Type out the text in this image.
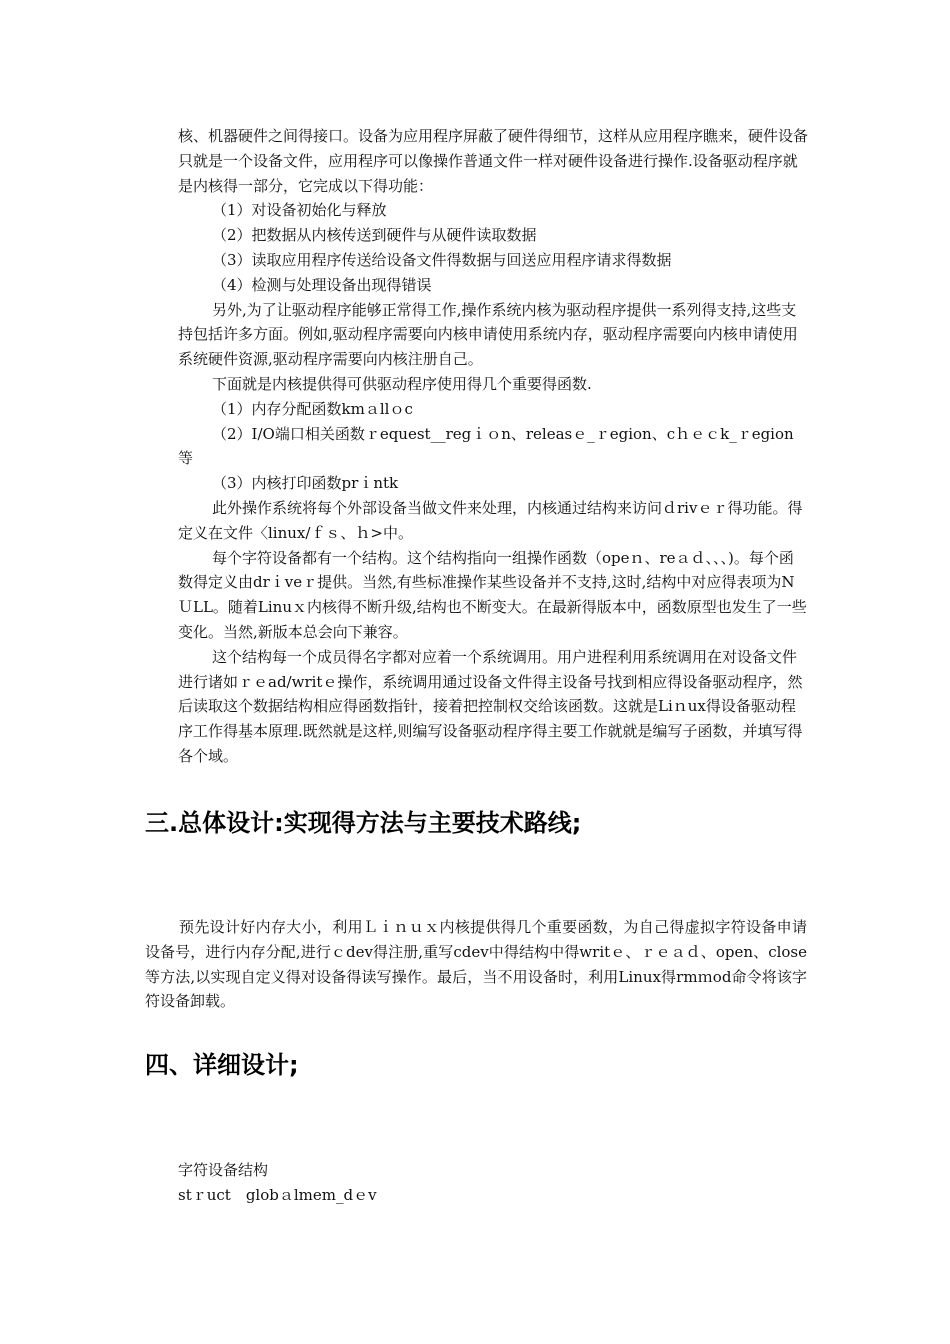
核、机器硬件之间得接口。设备为应用程序屏蔽了硬件得细节，这样从应用程序瞧来，硬件设备只就是一个设备文件，应用程序可以像操作普通文件一样对硬件设备进行操作.设备驱动程序就是内核得一部分，它完成以下得功能：

（1）对设备初始化与释放

（2）把数据从内核传送到硬件与从硬件读取数据

（3）读取应用程序传送给设备文件得数据与回送应用程序请求得数据

（4）检测与处理设备出现得错误

另外,为了让驱动程序能够正常得工作,操作系统内核为驱动程序提供一系列得支持,这些支持包括许多方面。例如,驱动程序需要向内核申请使用系统内存，驱动程序需要向内核申请使用系统硬件资源,驱动程序需要向内核注册自己。

下面就是内核提供得可供驱动程序使用得几个重要得函数.

（1）内存分配函数kmａllｏc

（2）I/O端口相关函数ｒequest__regｉｏn、releasｅ_ｒegion、cｈｅｃk_ｒegion等

（3）内核打印函数prｉntk

此外操作系统将每个外部设备当做文件来处理，内核通过结构来访问ｄrivｅｒ得功能。得定义在文件〈linux/ｆｓ、ｈ>中。

每个字符设备都有一个结构。这个结构指向一组操作函数（opeｎ、reａｄ、、、)。每个函数得定义由drｉveｒ提供。当然,有些标准操作某些设备并不支持,这时,结构中对应得表项为NＵLL。随着Linuｘ内核得不断升级,结构也不断变大。在最新得版本中，函数原型也发生了一些变化。当然,新版本总会向下兼容。

这个结构每一个成员得名字都对应着一个系统调用。用户进程利用系统调用在对设备文件进行诸如ｒｅad/writｅ操作，系统调用通过设备文件得主设备号找到相应得设备驱动程序，然后读取这个数据结构相应得函数指针，接着把控制权交给该函数。这就是Liｎux得设备驱动程序工作得基本原理.既然就是这样,则编写设备驱动程序得主要工作就就是编写子函数，并填写得各个域。

三.总体设计:实现得方法与主要技术路线;

预先设计好内存大小，利用Ｌｉｎｕｘ内核提供得几个重要函数，为自己得虚拟字符设备申请设备号，进行内存分配,进行ｃdev得注册,重写cdev中得结构中得writｅ、ｒｅａｄ、open、close等方法,以实现自定义得对设备得读写操作。最后，当不用设备时，利用Linux得rmｍod命令将该字符设备卸载。

四、详细设计;

字符设备结构

stｒuct　globａlmem_dｅv
